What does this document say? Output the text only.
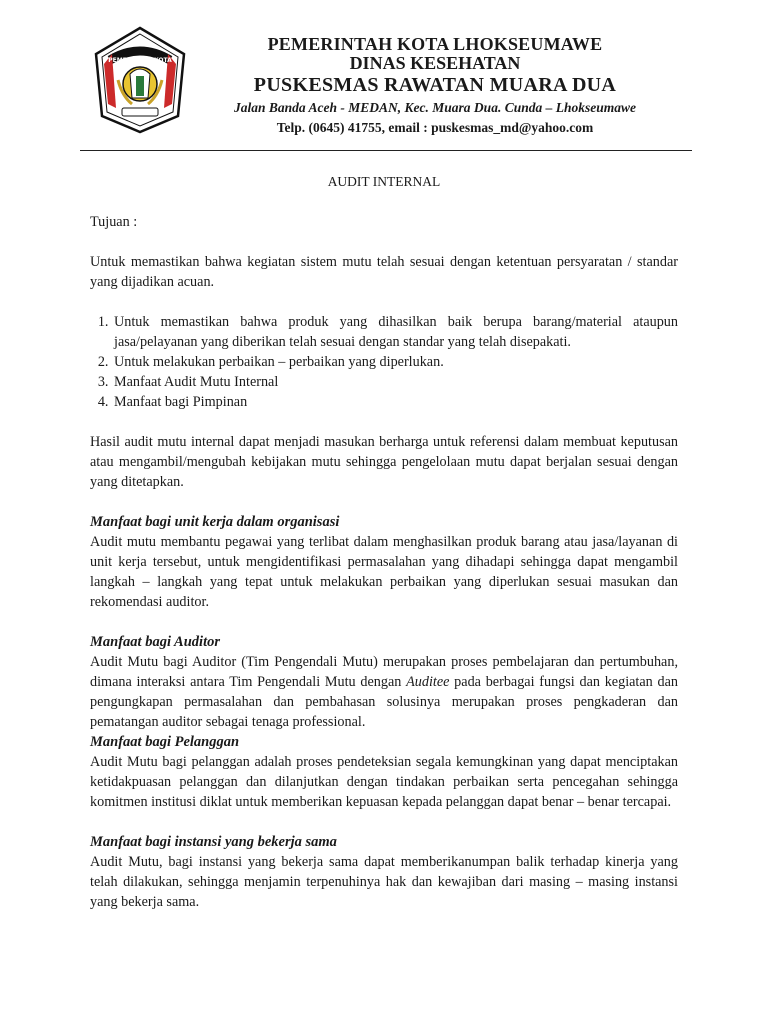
PEMERINTAH KOTA
PEMERINTAH KOTA LHOKSEUMAWE
DINAS KESEHATAN
PUSKESMAS RAWATAN MUARA DUA
Jalan Banda Aceh - MEDAN, Kec. Muara Dua. Cunda – Lhokseumawe
Telp. (0645) 41755, email : puskesmas_md@yahoo.com
AUDIT INTERNAL

Tujuan :

Untuk memastikan bahwa kegiatan sistem mutu telah sesuai dengan ketentuan persyaratan / standar yang dijadikan acuan.

1. Untuk memastikan bahwa produk yang dihasilkan baik berupa barang/material ataupun jasa/pelayanan yang diberikan telah sesuai dengan standar yang telah disepakati.
2. Untuk melakukan perbaikan – perbaikan yang diperlukan.
3. Manfaat Audit Mutu Internal
4. Manfaat bagi Pimpinan

Hasil audit mutu internal dapat menjadi masukan berharga untuk referensi dalam membuat keputusan atau mengambil/mengubah kebijakan mutu sehingga pengelolaan mutu dapat berjalan sesuai dengan yang ditetapkan.

Manfaat bagi unit kerja dalam organisasi

Audit mutu membantu pegawai yang terlibat dalam menghasilkan produk barang atau jasa/layanan di unit kerja tersebut, untuk mengidentifikasi permasalahan yang dihadapi sehingga dapat mengambil langkah – langkah yang tepat untuk melakukan perbaikan yang diperlukan sesuai masukan dan rekomendasi auditor.

Manfaat bagi Auditor

Audit Mutu bagi Auditor (Tim Pengendali Mutu) merupakan proses pembelajaran dan pertumbuhan, dimana interaksi antara Tim Pengendali Mutu dengan Auditee pada berbagai fungsi dan kegiatan dan pengungkapan permasalahan dan pembahasan solusinya merupakan proses pengkaderan dan pematangan auditor sebagai tenaga professional.

Manfaat bagi Pelanggan

Audit Mutu bagi pelanggan adalah proses pendeteksian segala kemungkinan yang dapat menciptakan ketidakpuasan pelanggan dan dilanjutkan dengan tindakan perbaikan serta pencegahan sehingga komitmen institusi diklat untuk memberikan kepuasan kepada pelanggan dapat benar – benar tercapai.

Manfaat bagi instansi yang bekerja sama

Audit Mutu, bagi instansi yang bekerja sama dapat memberikanumpan balik terhadap kinerja yang telah dilakukan, sehingga menjamin terpenuhinya hak dan kewajiban dari masing – masing instansi yang bekerja sama.
